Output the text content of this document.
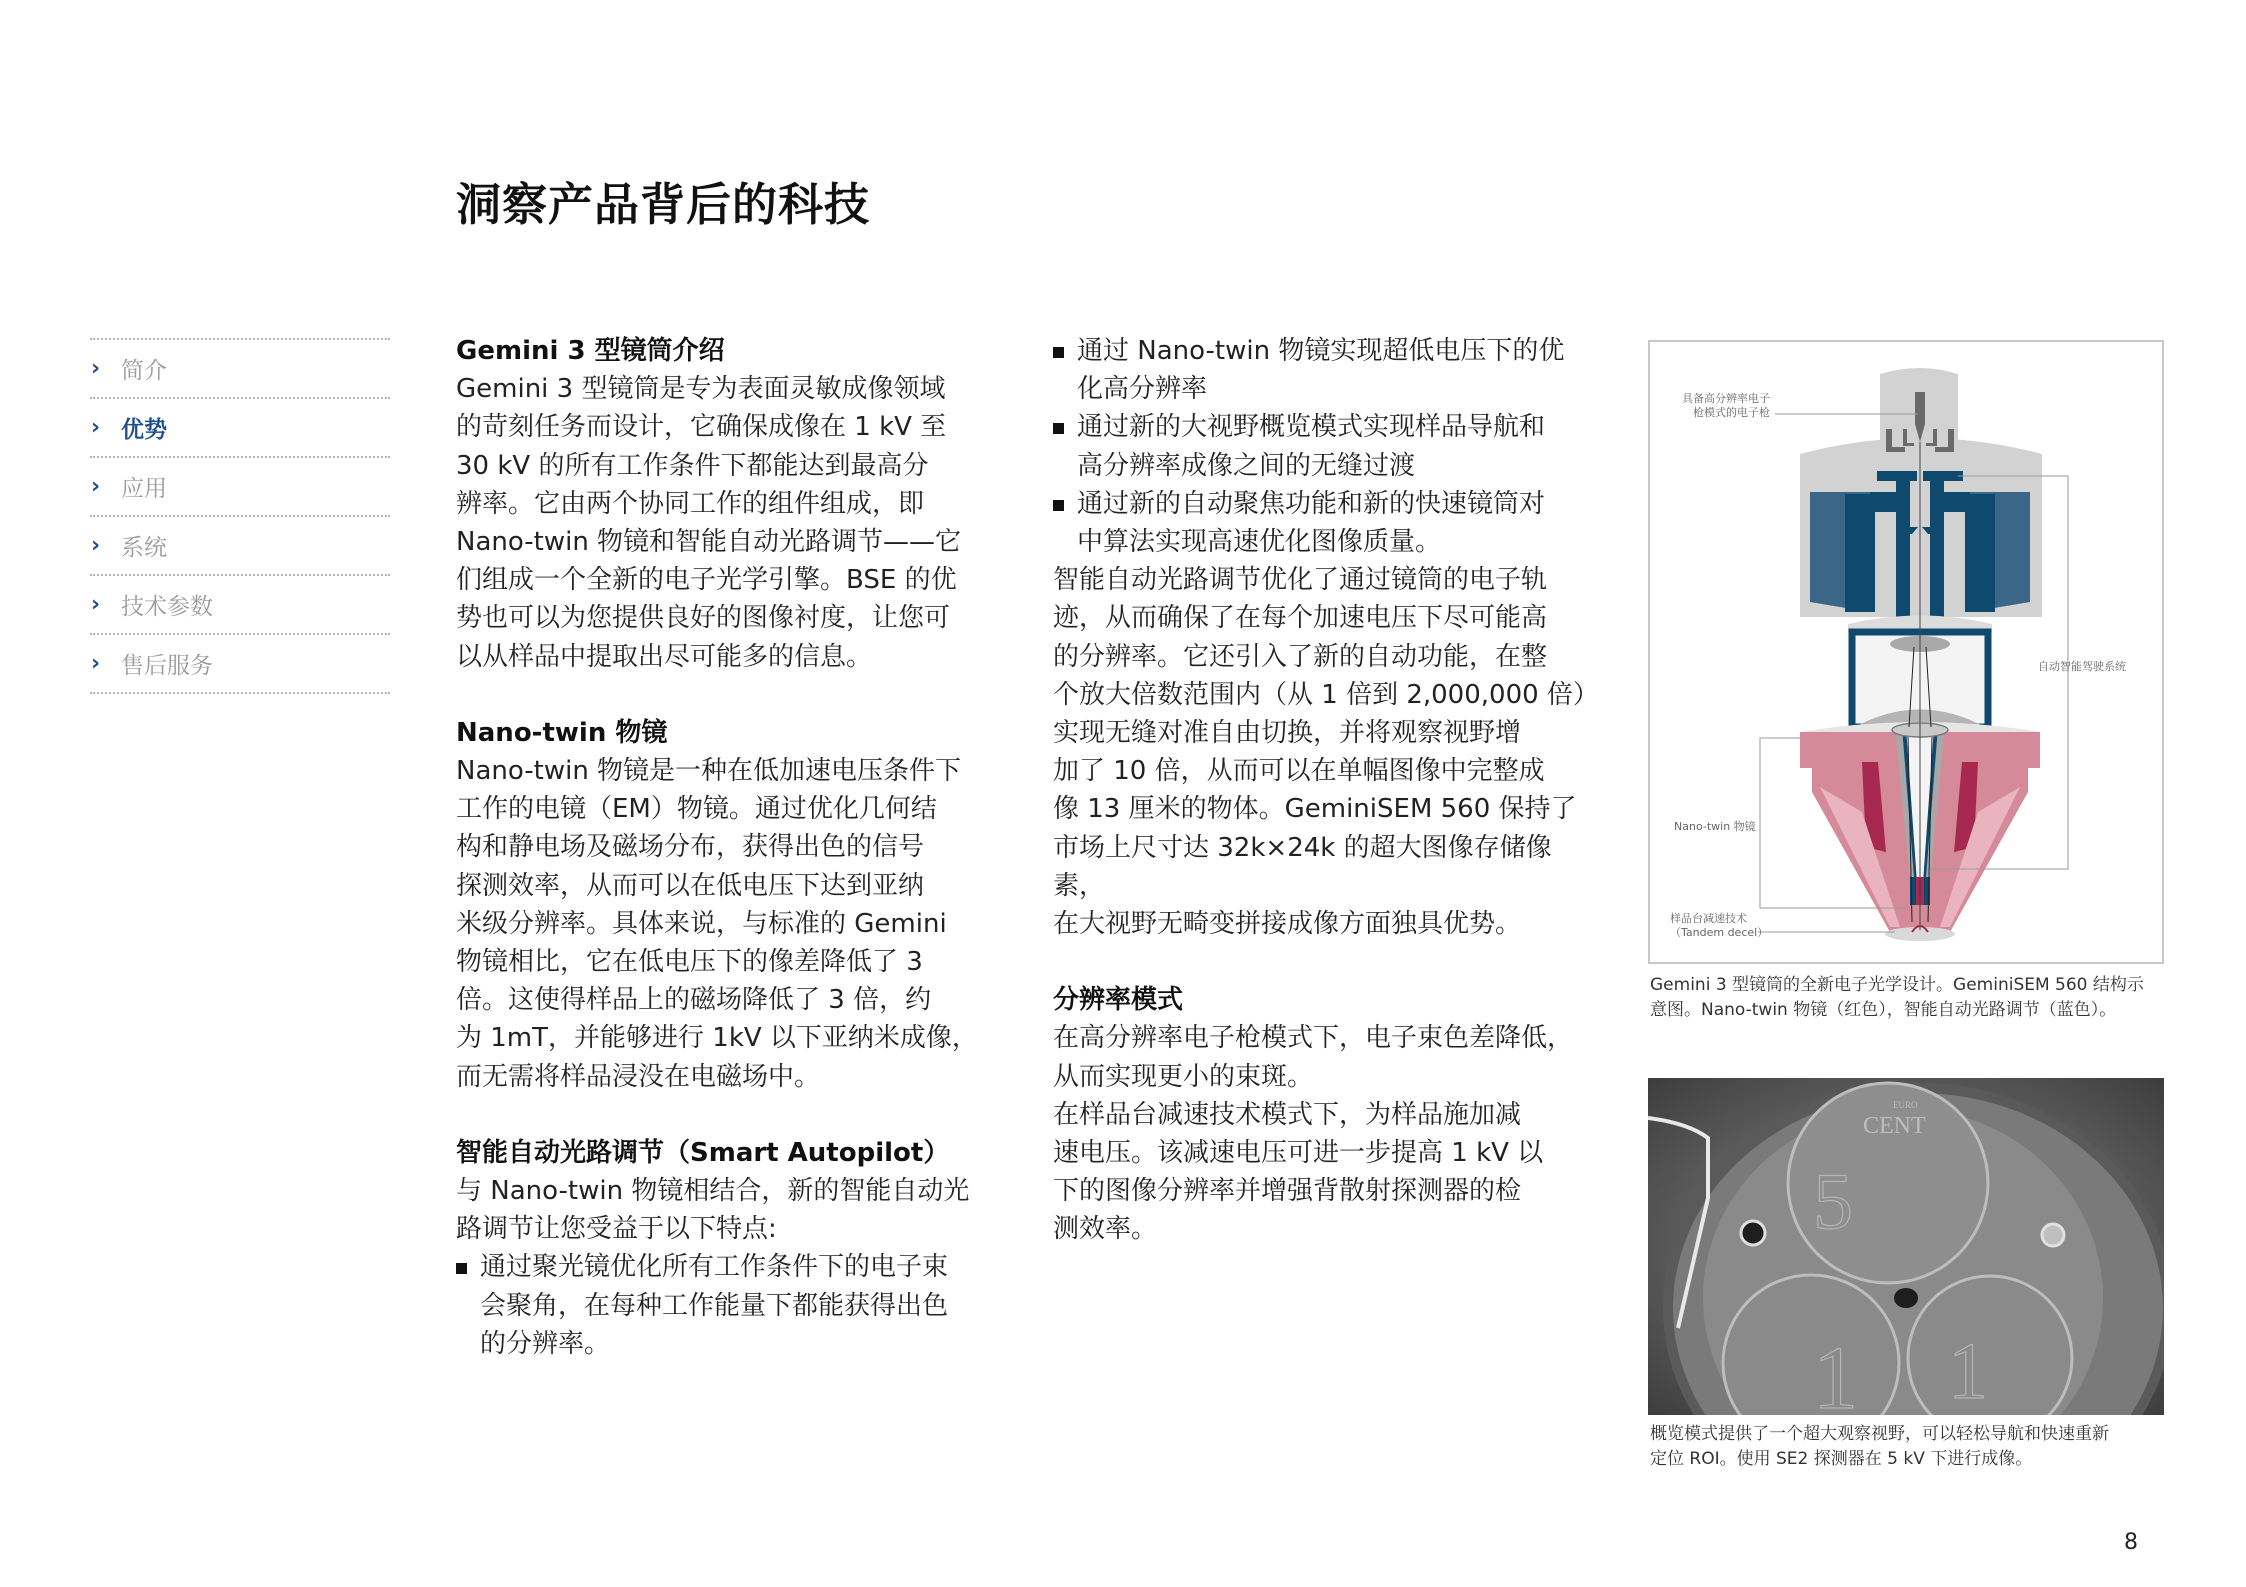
洞察产品背后的科技
› 简介
› 优势
› 应用
› 系统
› 技术参数
› 售后服务
Gemini 3 型镜筒介绍
Gemini 3 型镜筒是专为表面灵敏成像领域
的苛刻任务而设计，它确保成像在 1 kV 至
30 kV 的所有工作条件下都能达到最高分
辨率。它由两个协同工作的组件组成，即
Nano-twin 物镜和智能自动光路调节——它
们组成一个全新的电子光学引擎。BSE 的优
势也可以为您提供良好的图像衬度，让您可
以从样品中提取出尽可能多的信息。
Nano-twin 物镜
Nano-twin 物镜是一种在低加速电压条件下
工作的电镜（EM）物镜。通过优化几何结
构和静电场及磁场分布，获得出色的信号
探测效率，从而可以在低电压下达到亚纳
米级分辨率。具体来说，与标准的 Gemini
物镜相比，它在低电压下的像差降低了 3
倍。这使得样品上的磁场降低了 3 倍，约
为 1mT，并能够进行 1kV 以下亚纳米成像，
而无需将样品浸没在电磁场中。
智能自动光路调节（Smart Autopilot）
与 Nano-twin 物镜相结合，新的智能自动光
路调节让您受益于以下特点:
通过聚光镜优化所有工作条件下的电子束
会聚角，在每种工作能量下都能获得出色
的分辨率。
通过 Nano-twin 物镜实现超低电压下的优
化高分辨率
通过新的大视野概览模式实现样品导航和
高分辨率成像之间的无缝过渡
通过新的自动聚焦功能和新的快速镜筒对
中算法实现高速优化图像质量。
智能自动光路调节优化了通过镜筒的电子轨
迹，从而确保了在每个加速电压下尽可能高
的分辨率。它还引入了新的自动功能，在整
个放大倍数范围内（从 1 倍到 2,000,000 倍）
实现无缝对准自由切换，并将观察视野增
加了 10 倍，从而可以在单幅图像中完整成
像 13 厘米的物体。GeminiSEM 560 保持了
市场上尺寸达 32k×24k 的超大图像存储像素，
在大视野无畸变拼接成像方面独具优势。
分辨率模式
在高分辨率电子枪模式下，电子束色差降低，
从而实现更小的束斑。
在样品台减速技术模式下，为样品施加减
速电压。该减速电压可进一步提高 1 kV 以
下的图像分辨率并增强背散射探测器的检
测效率。
具备高分辨率电子
枪模式的电子枪
自动智能驾驶系统
Nano-twin 物镜
样品台减速技术
（Tandem decel）
Gemini 3 型镜筒的全新电子光学设计。GeminiSEM 560 结构示
意图。Nano-twin 物镜（红色），智能自动光路调节（蓝色）。
EURO
CENT
5
1 1
概览模式提供了一个超大观察视野，可以轻松导航和快速重新
定位 ROI。使用 SE2 探测器在 5 kV 下进行成像。
8
